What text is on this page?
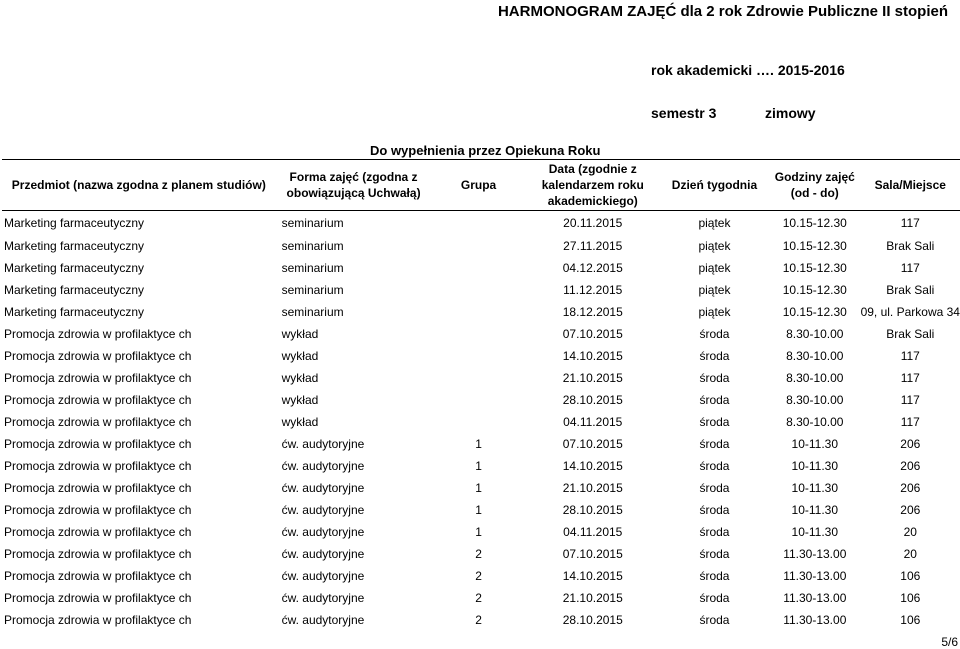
HARMONOGRAM ZAJĘĆ dla 2 rok Zdrowie Publiczne II stopień
rok akademicki …. 2015-2016
semestr 3	zimowy
Do wypełnienia przez Opiekuna Roku
Przedmiot (nazwa zgodna z planem studiów)	Forma zajęć (zgodna z obowiązującą Uchwałą)	Grupa	Data (zgodnie z kalendarzem roku akademickiego)	Dzień tygodnia	Godziny zajęć (od - do)	Sala/Miejsce
Marketing farmaceutyczny	seminarium		20.11.2015	piątek	10.15-12.30	117
Marketing farmaceutyczny	seminarium		27.11.2015	piątek	10.15-12.30	Brak Sali
Marketing farmaceutyczny	seminarium		04.12.2015	piątek	10.15-12.30	117
Marketing farmaceutyczny	seminarium		11.12.2015	piątek	10.15-12.30	Brak Sali
Marketing farmaceutyczny	seminarium		18.12.2015	piątek	10.15-12.30	09, ul. Parkowa 34
Promocja zdrowia w profilaktyce ch	wykład		07.10.2015	środa	8.30-10.00	Brak Sali
Promocja zdrowia w profilaktyce ch	wykład		14.10.2015	środa	8.30-10.00	117
Promocja zdrowia w profilaktyce ch	wykład		21.10.2015	środa	8.30-10.00	117
Promocja zdrowia w profilaktyce ch	wykład		28.10.2015	środa	8.30-10.00	117
Promocja zdrowia w profilaktyce ch	wykład		04.11.2015	środa	8.30-10.00	117
Promocja zdrowia w profilaktyce ch	ćw. audytoryjne	1	07.10.2015	środa	10-11.30	206
Promocja zdrowia w profilaktyce ch	ćw. audytoryjne	1	14.10.2015	środa	10-11.30	206
Promocja zdrowia w profilaktyce ch	ćw. audytoryjne	1	21.10.2015	środa	10-11.30	206
Promocja zdrowia w profilaktyce ch	ćw. audytoryjne	1	28.10.2015	środa	10-11.30	206
Promocja zdrowia w profilaktyce ch	ćw. audytoryjne	1	04.11.2015	środa	10-11.30	20
Promocja zdrowia w profilaktyce ch	ćw. audytoryjne	2	07.10.2015	środa	11.30-13.00	20
Promocja zdrowia w profilaktyce ch	ćw. audytoryjne	2	14.10.2015	środa	11.30-13.00	106
Promocja zdrowia w profilaktyce ch	ćw. audytoryjne	2	21.10.2015	środa	11.30-13.00	106
Promocja zdrowia w profilaktyce ch	ćw. audytoryjne	2	28.10.2015	środa	11.30-13.00	106
5/6
